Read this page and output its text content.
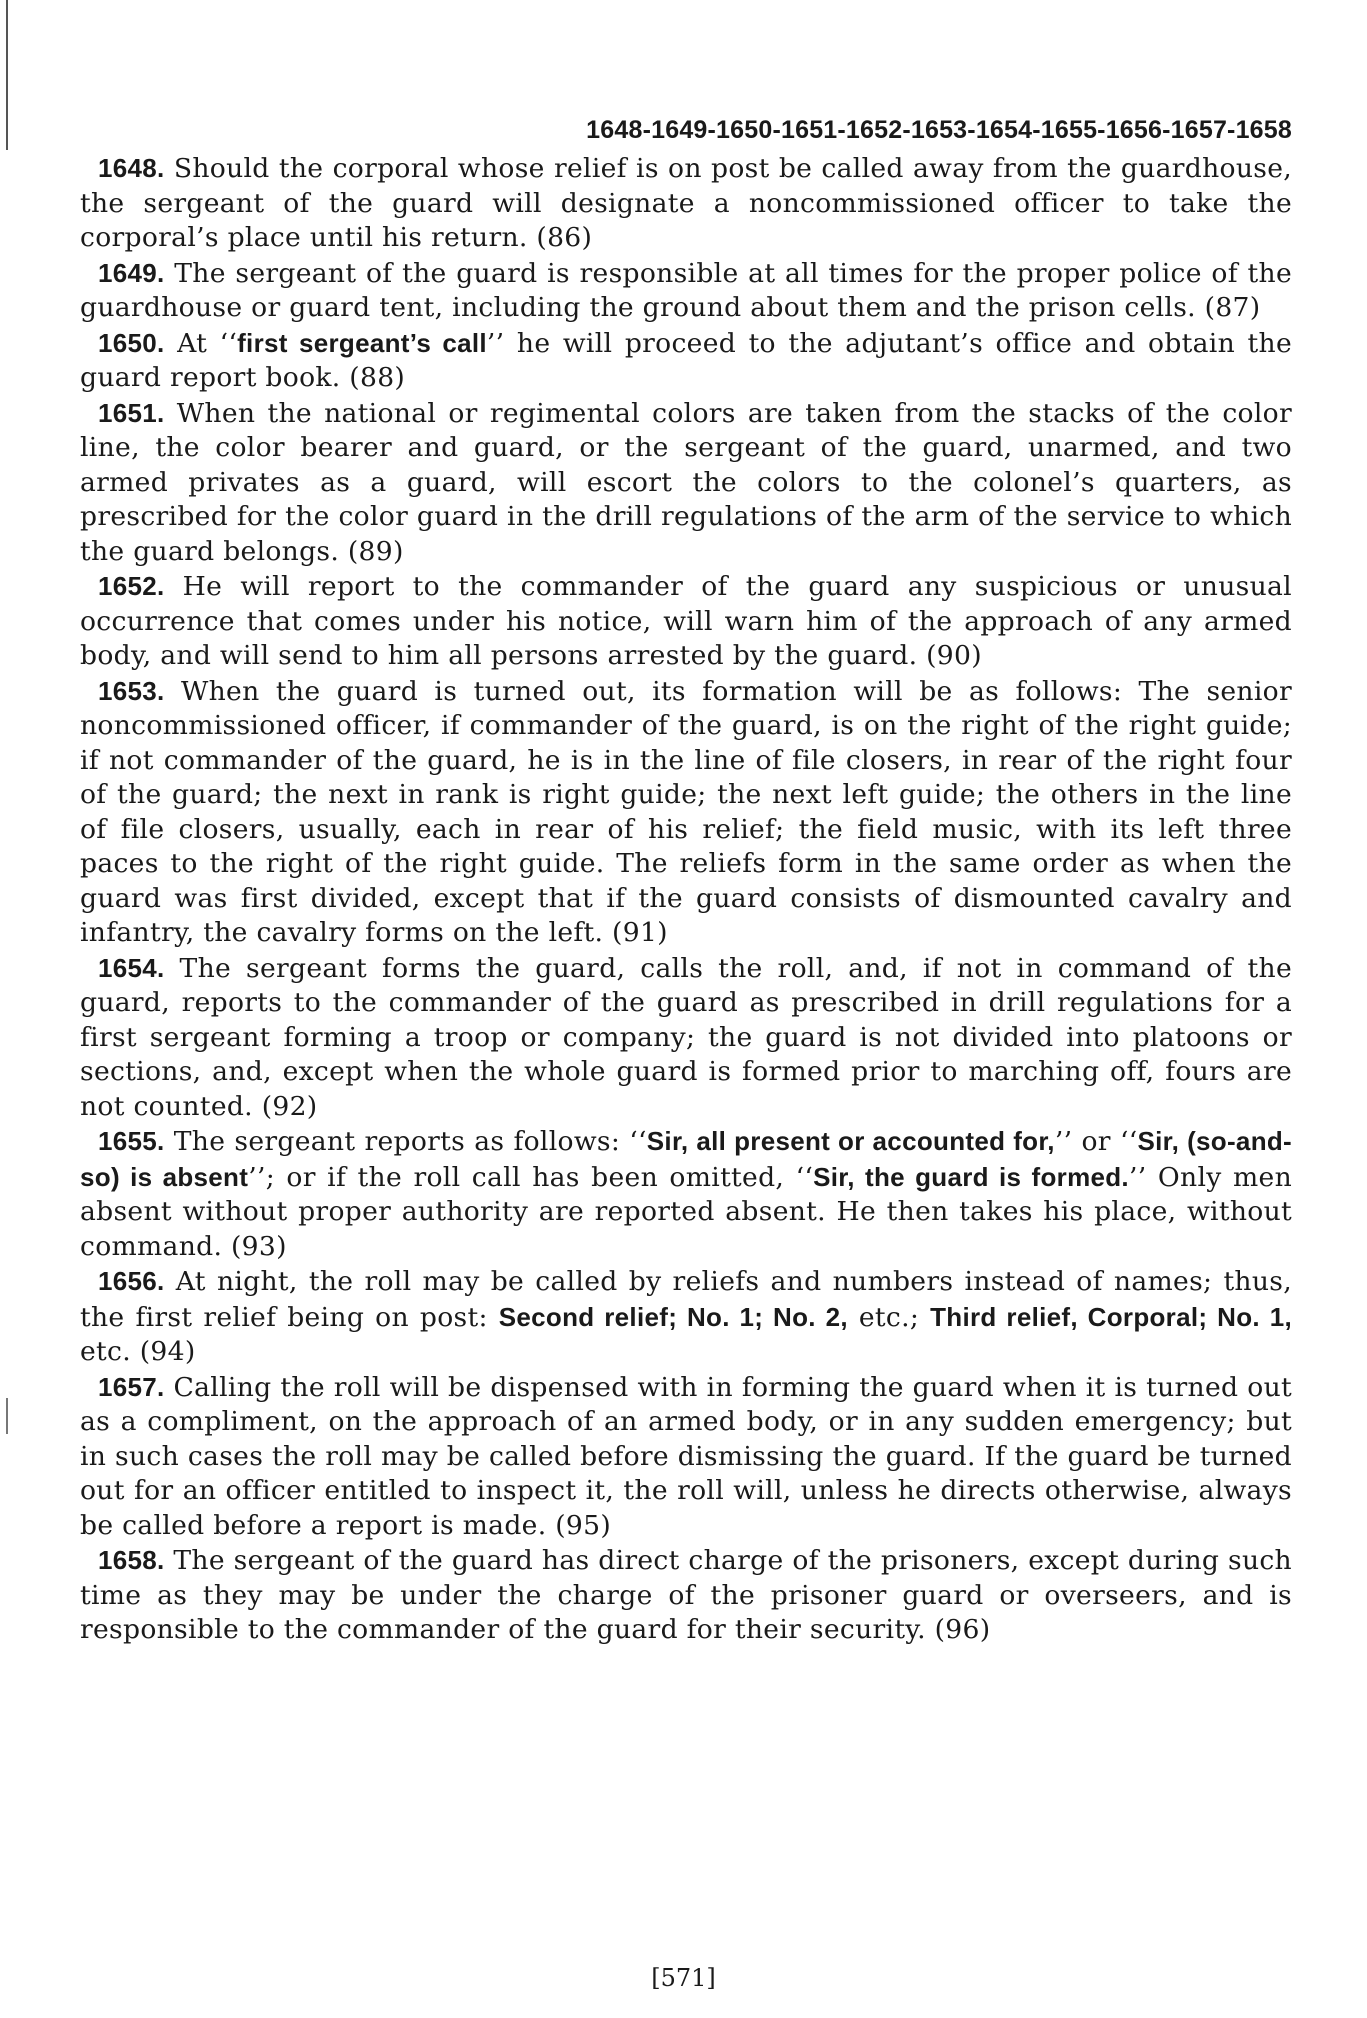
1648-1649-1650-1651-1652-1653-1654-1655-1656-1657-1658

1648. Should the corporal whose relief is on post be called away from the guardhouse, the sergeant of the guard will designate a noncommissioned officer to take the corporal’s place until his return. (86)

1649. The sergeant of the guard is responsible at all times for the proper police of the guardhouse or guard tent, including the ground about them and the prison cells. (87)

1650. At ‘‘first sergeant’s call’’ he will proceed to the adjutant’s office and obtain the guard report book. (88)

1651. When the national or regimental colors are taken from the stacks of the color line, the color bearer and guard, or the sergeant of the guard, unarmed, and two armed privates as a guard, will escort the colors to the colonel’s quarters, as prescribed for the color guard in the drill regulations of the arm of the service to which the guard belongs. (89)

1652. He will report to the commander of the guard any suspicious or unusual occurrence that comes under his notice, will warn him of the approach of any armed body, and will send to him all persons arrested by the guard. (90)

1653. When the guard is turned out, its formation will be as follows: The senior noncommissioned officer, if commander of the guard, is on the right of the right guide; if not commander of the guard, he is in the line of file closers, in rear of the right four of the guard; the next in rank is right guide; the next left guide; the others in the line of file closers, usually, each in rear of his relief; the field music, with its left three paces to the right of the right guide. The reliefs form in the same order as when the guard was first divided, except that if the guard consists of dismounted cavalry and infantry, the cavalry forms on the left. (91)

1654. The sergeant forms the guard, calls the roll, and, if not in command of the guard, reports to the commander of the guard as prescribed in drill regulations for a first sergeant forming a troop or company; the guard is not divided into platoons or sections, and, except when the whole guard is formed prior to marching off, fours are not counted. (92)

1655. The sergeant reports as follows: ‘‘Sir, all present or accounted for,’’ or ‘‘Sir, (so-and-so) is absent’’; or if the roll call has been omitted, ‘‘Sir, the guard is formed.’’ Only men absent without proper authority are reported absent. He then takes his place, without command. (93)

1656. At night, the roll may be called by reliefs and numbers instead of names; thus, the first relief being on post: Second relief; No. 1; No. 2, etc.; Third relief, Corporal; No. 1, etc. (94)

1657. Calling the roll will be dispensed with in forming the guard when it is turned out as a compliment, on the approach of an armed body, or in any sudden emergency; but in such cases the roll may be called before dismissing the guard. If the guard be turned out for an officer entitled to inspect it, the roll will, unless he directs otherwise, always be called before a report is made. (95)

1658. The sergeant of the guard has direct charge of the prisoners, except during such time as they may be under the charge of the prisoner guard or overseers, and is responsible to the commander of the guard for their security. (96)

[571]
